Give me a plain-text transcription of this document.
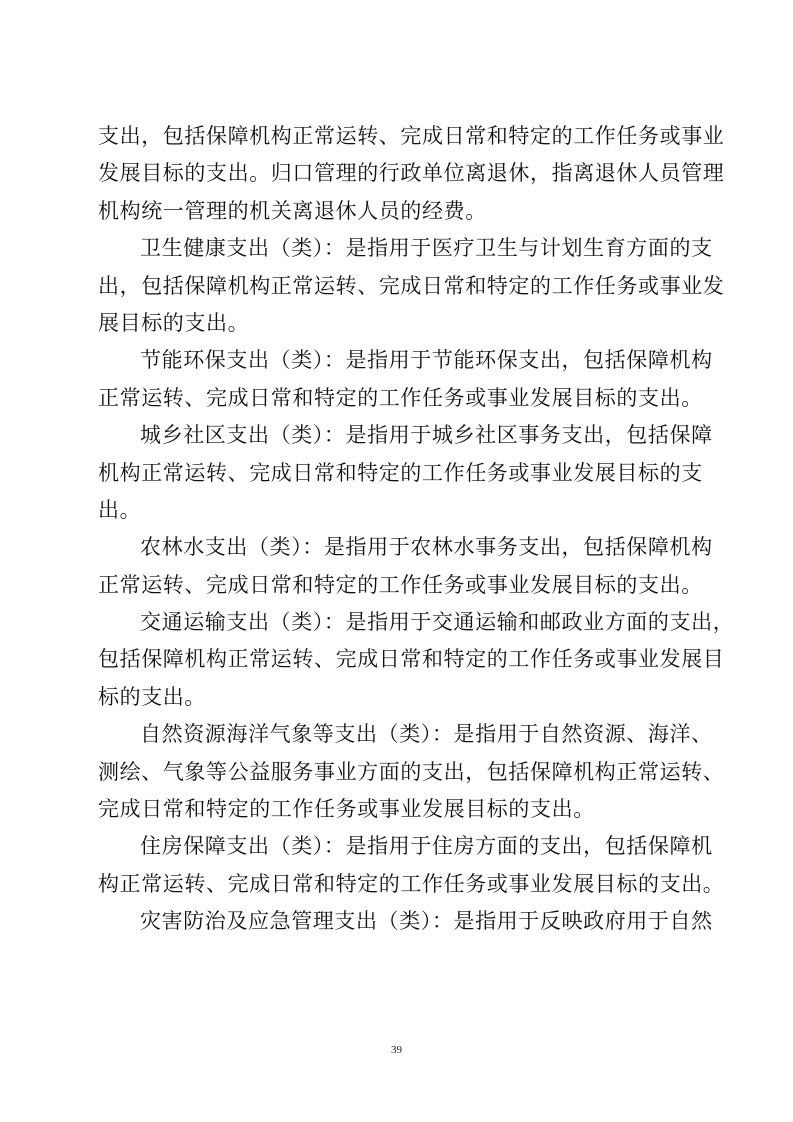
支出，包括保障机构正常运转、完成日常和特定的工作任务或事业
发展目标的支出。归口管理的行政单位离退休，指离退休人员管理
机构统一管理的机关离退休人员的经费。
卫生健康支出（类）：是指用于医疗卫生与计划生育方面的支
出，包括保障机构正常运转、完成日常和特定的工作任务或事业发
展目标的支出。
节能环保支出（类）：是指用于节能环保支出，包括保障机构
正常运转、完成日常和特定的工作任务或事业发展目标的支出。
城乡社区支出（类）：是指用于城乡社区事务支出，包括保障
机构正常运转、完成日常和特定的工作任务或事业发展目标的支
出。
农林水支出（类）：是指用于农林水事务支出，包括保障机构
正常运转、完成日常和特定的工作任务或事业发展目标的支出。
交通运输支出（类）：是指用于交通运输和邮政业方面的支出，
包括保障机构正常运转、完成日常和特定的工作任务或事业发展目
标的支出。
自然资源海洋气象等支出（类）：是指用于自然资源、海洋、
测绘、气象等公益服务事业方面的支出，包括保障机构正常运转、
完成日常和特定的工作任务或事业发展目标的支出。
住房保障支出（类）：是指用于住房方面的支出，包括保障机
构正常运转、完成日常和特定的工作任务或事业发展目标的支出。
灾害防治及应急管理支出（类）：是指用于反映政府用于自然
39
